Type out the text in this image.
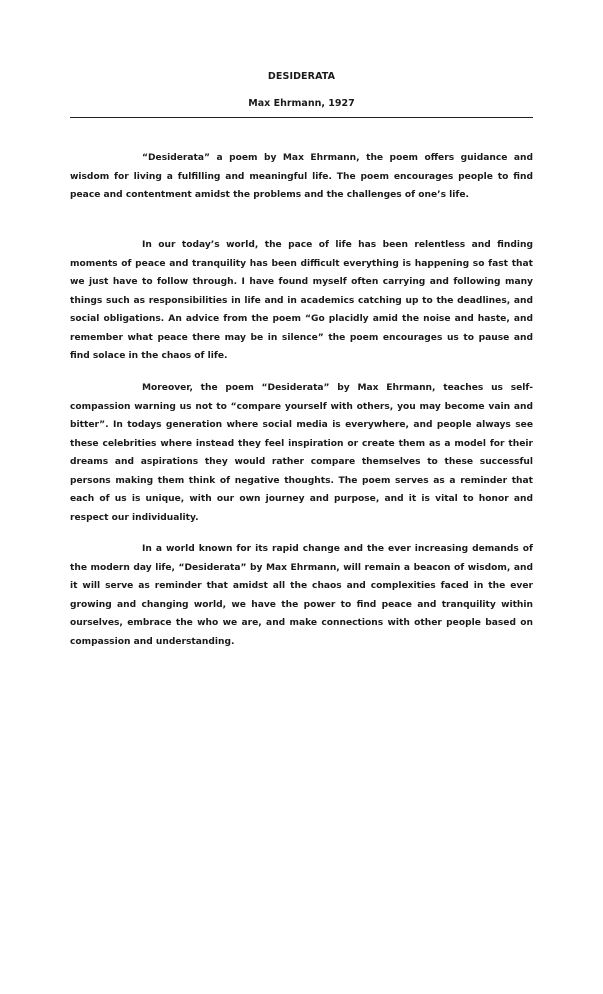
DESIDERATA
Max Ehrmann, 1927

“Desiderata” a poem by Max Ehrmann, the poem offers guidance and wisdom for living a fulfilling and meaningful life. The poem encourages people to find peace and contentment amidst the problems and the challenges of one’s life.

In our today’s world, the pace of life has been relentless and finding moments of peace and tranquility has been difficult everything is happening so fast that we just have to follow through. I have found myself often carrying and following many things such as responsibilities in life and in academics catching up to the deadlines, and social obligations. An advice from the poem “Go placidly amid the noise and haste, and remember what peace there may be in silence” the poem encourages us to pause and find solace in the chaos of life.

Moreover, the poem “Desiderata” by Max Ehrmann, teaches us self-compassion warning us not to “compare yourself with others, you may become vain and bitter”. In todays generation where social media is everywhere, and people always see these celebrities where instead they feel inspiration or create them as a model for their dreams and aspirations they would rather compare themselves to these successful persons making them think of negative thoughts. The poem serves as a reminder that each of us is unique, with our own journey and purpose, and it is vital to honor and respect our individuality.

In a world known for its rapid change and the ever increasing demands of the modern day life, “Desiderata” by Max Ehrmann, will remain a beacon of wisdom, and it will serve as reminder that amidst all the chaos and complexities faced in the ever growing and changing world, we have the power to find peace and tranquility within ourselves, embrace the who we are, and make connections with other people based on compassion and understanding.
